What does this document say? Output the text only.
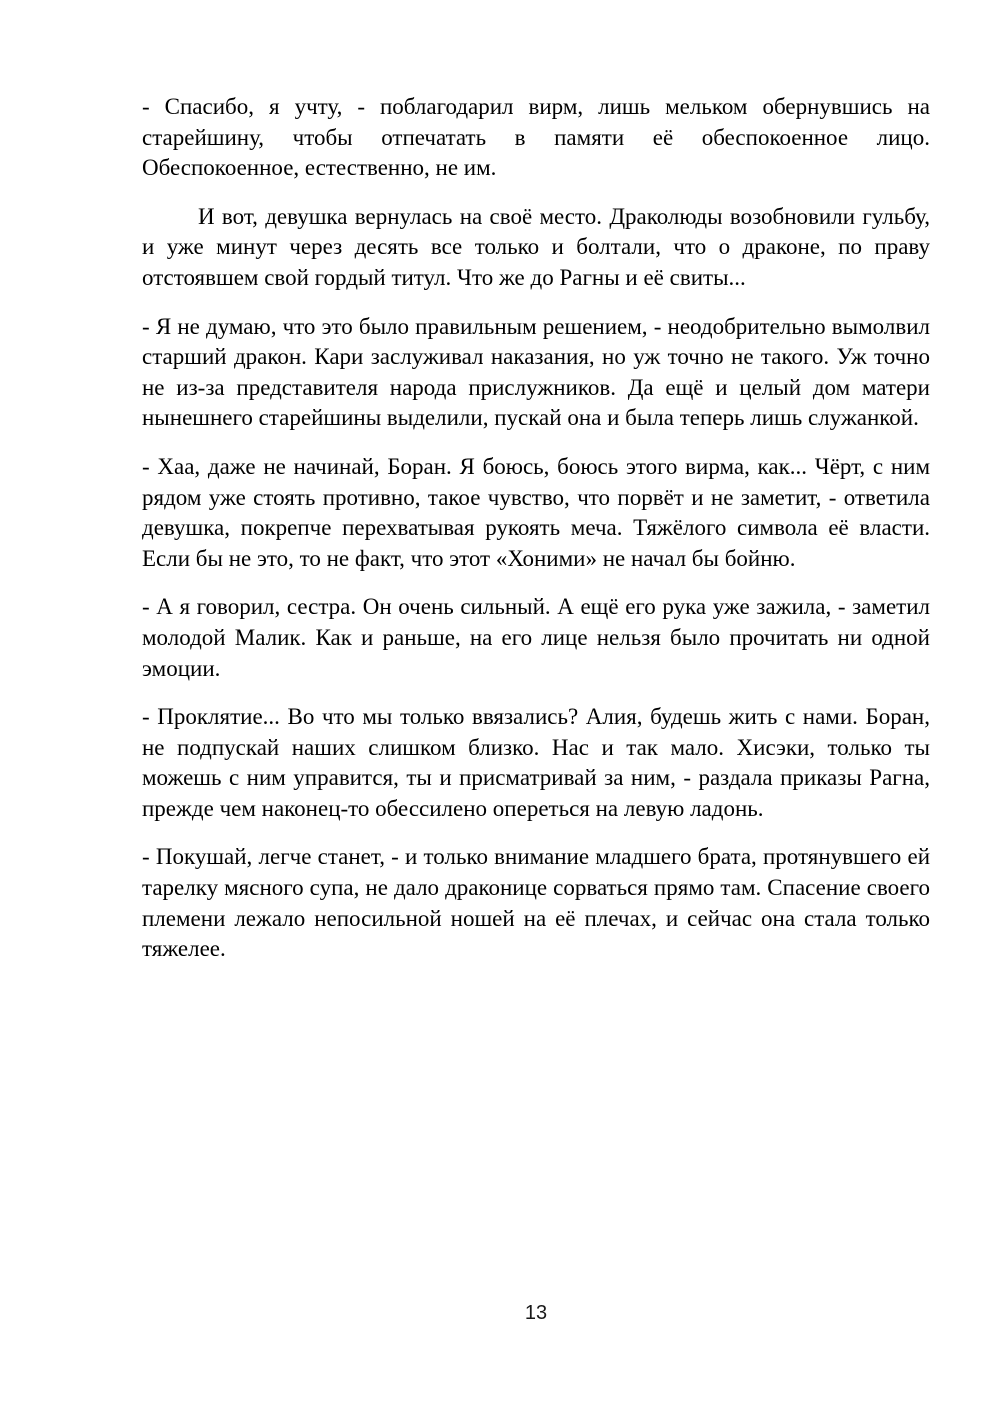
- Спасибо, я учту, - поблагодарил вирм, лишь мельком обернувшись на старейшину, чтобы отпечатать в памяти её обеспокоенное лицо. Обеспокоенное, естественно, не им.

И вот, девушка вернулась на своё место. Драколюды возобновили гульбу, и уже минут через десять все только и болтали, что о драконе, по праву отстоявшем свой гордый титул. Что же до Рагны и её свиты...

- Я не думаю, что это было правильным решением, - неодобрительно вымолвил старший дракон. Кари заслуживал наказания, но уж точно не такого. Уж точно не из-за представителя народа прислужников. Да ещё и целый дом матери нынешнего старейшины выделили, пускай она и была теперь лишь служанкой.

- Хаа, даже не начинай, Боран. Я боюсь, боюсь этого вирма, как... Чёрт, с ним рядом уже стоять противно, такое чувство, что порвёт и не заметит, - ответила девушка, покрепче перехватывая рукоять меча. Тяжёлого символа её власти. Если бы не это, то не факт, что этот «Хоними» не начал бы бойню.

- А я говорил, сестра. Он очень сильный. А ещё его рука уже зажила, - заметил молодой Малик. Как и раньше, на его лице нельзя было прочитать ни одной эмоции.

- Проклятие... Во что мы только ввязались? Алия, будешь жить с нами. Боран, не подпускай наших слишком близко. Нас и так мало. Хисэки, только ты можешь с ним управится, ты и присматривай за ним, - раздала приказы Рагна, прежде чем наконец-то обессилено опереться на левую ладонь.

- Покушай, легче станет, - и только внимание младшего брата, протянувшего ей тарелку мясного супа, не дало драконице сорваться прямо там. Спасение своего племени лежало непосильной ношей на её плечах, и сейчас она стала только тяжелее.

13
